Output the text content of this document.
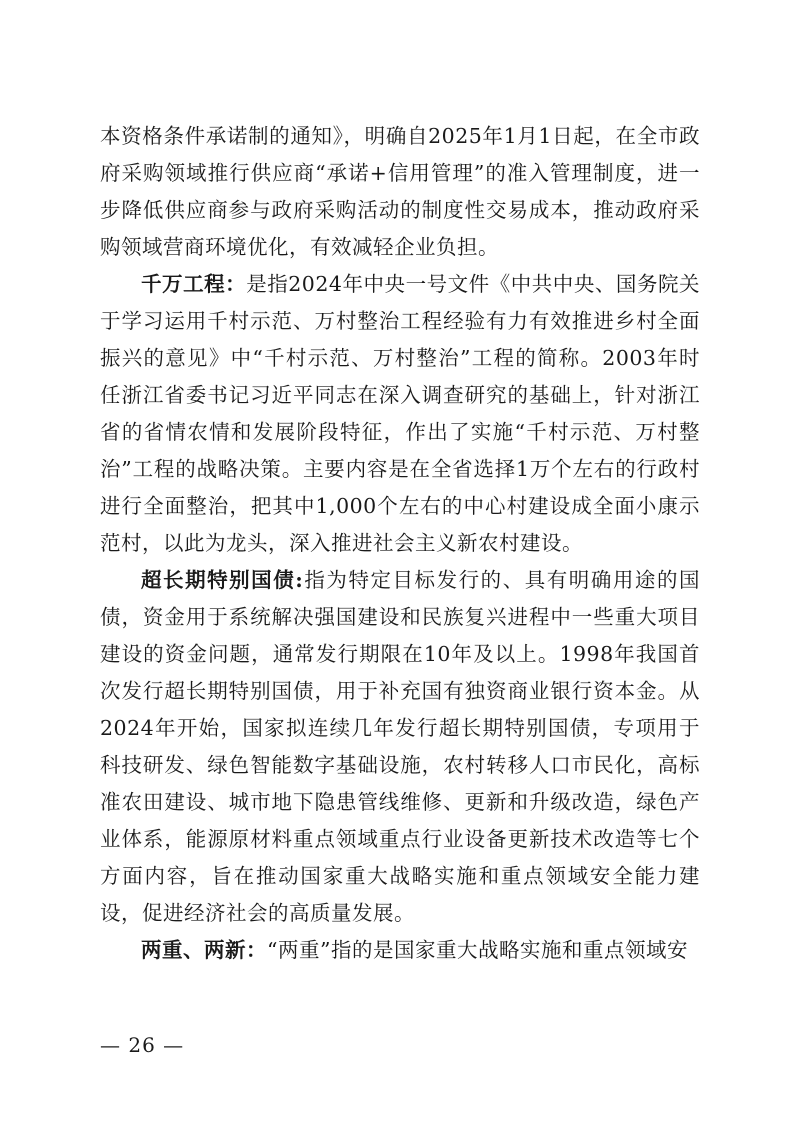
本资格条件承诺制的通知》，明确自2025年1月1日起，在全市政府采购领域推行供应商“承诺+信用管理”的准入管理制度，进一步降低供应商参与政府采购活动的制度性交易成本，推动政府采购领域营商环境优化，有效减轻企业负担。

千万工程：是指2024年中央一号文件《中共中央、国务院关于学习运用千村示范、万村整治工程经验有力有效推进乡村全面振兴的意见》中“千村示范、万村整治”工程的简称。2003年时任浙江省委书记习近平同志在深入调查研究的基础上，针对浙江省的省情农情和发展阶段特征，作出了实施“千村示范、万村整治”工程的战略决策。主要内容是在全省选择1万个左右的行政村进行全面整治，把其中1,000个左右的中心村建设成全面小康示范村，以此为龙头，深入推进社会主义新农村建设。

超长期特别国债:指为特定目标发行的、具有明确用途的国债，资金用于系统解决强国建设和民族复兴进程中一些重大项目建设的资金问题，通常发行期限在10年及以上。1998年我国首次发行超长期特别国债，用于补充国有独资商业银行资本金。从2024年开始，国家拟连续几年发行超长期特别国债，专项用于科技研发、绿色智能数字基础设施，农村转移人口市民化，高标准农田建设、城市地下隐患管线维修、更新和升级改造，绿色产业体系，能源原材料重点领域重点行业设备更新技术改造等七个方面内容，旨在推动国家重大战略实施和重点领域安全能力建设，促进经济社会的高质量发展。

两重、两新：“两重”指的是国家重大战略实施和重点领域安

— 26 —
